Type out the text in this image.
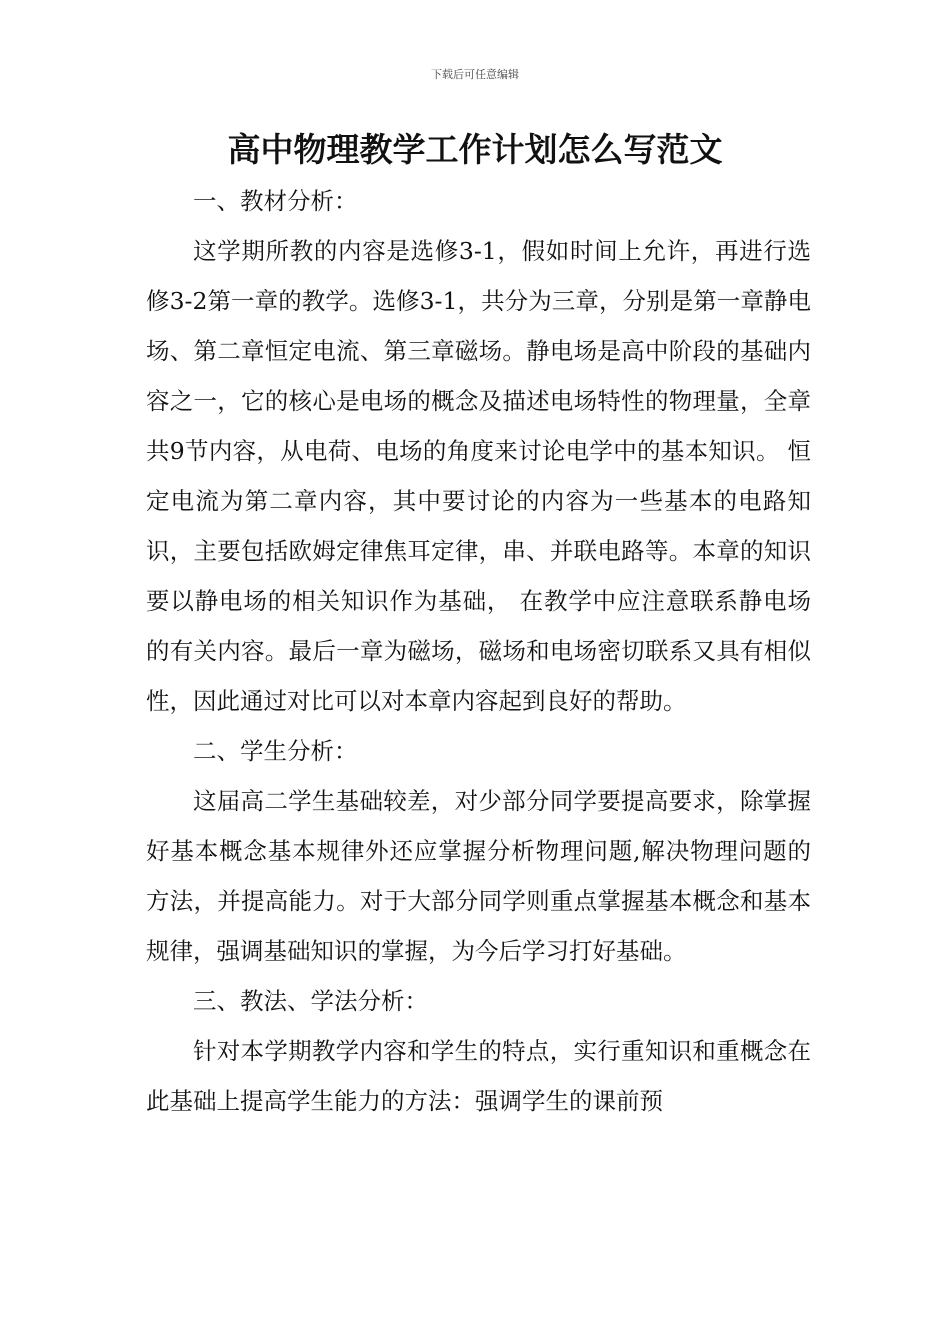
下载后可任意编辑
高中物理教学工作计划怎么写范文

一、教材分析：

这学期所教的内容是选修3-1，假如时间上允许，再进行选修3-2第一章的教学。选修3-1，共分为三章，分别是第一章静电场、第二章恒定电流、第三章磁场。静电场是高中阶段的基础内容之一，它的核心是电场的概念及描述电场特性的物理量，全章共9节内容，从电荷、电场的角度来讨论电学中的基本知识。 恒定电流为第二章内容，其中要讨论的内容为一些基本的电路知识，主要包括欧姆定律焦耳定律，串、并联电路等。本章的知识要以静电场的相关知识作为基础， 在教学中应注意联系静电场的有关内容。最后一章为磁场，磁场和电场密切联系又具有相似性，因此通过对比可以对本章内容起到良好的帮助。

二、学生分析：

这届高二学生基础较差，对少部分同学要提高要求，除掌握好基本概念基本规律外还应掌握分析物理问题,解决物理问题的方法，并提高能力。对于大部分同学则重点掌握基本概念和基本规律，强调基础知识的掌握，为今后学习打好基础。

三、教法、学法分析：

针对本学期教学内容和学生的特点，实行重知识和重概念在此基础上提高学生能力的方法：强调学生的课前预
